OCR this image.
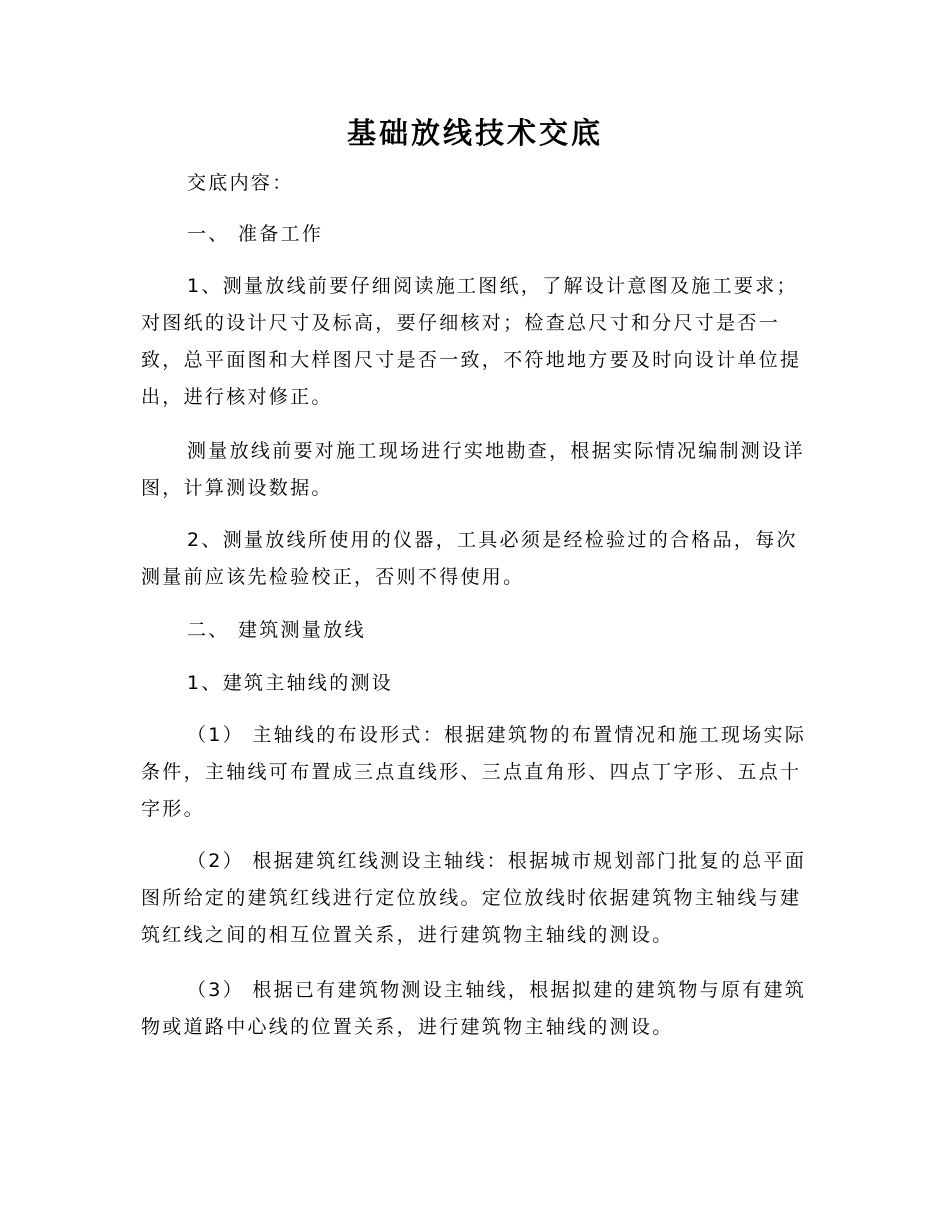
基础放线技术交底

交底内容：

一、 准备工作

1、测量放线前要仔细阅读施工图纸，了解设计意图及施工要求；对图纸的设计尺寸及标高，要仔细核对；检查总尺寸和分尺寸是否一致，总平面图和大样图尺寸是否一致，不符地地方要及时向设计单位提出，进行核对修正。

测量放线前要对施工现场进行实地勘查，根据实际情况编制测设详图，计算测设数据。

2、测量放线所使用的仪器，工具必须是经检验过的合格品，每次测量前应该先检验校正，否则不得使用。

二、 建筑测量放线

1、建筑主轴线的测设

（1） 主轴线的布设形式：根据建筑物的布置情况和施工现场实际条件，主轴线可布置成三点直线形、三点直角形、四点丁字形、五点十字形。

（2） 根据建筑红线测设主轴线：根据城市规划部门批复的总平面图所给定的建筑红线进行定位放线。定位放线时依据建筑物主轴线与建筑红线之间的相互位置关系，进行建筑物主轴线的测设。

（3） 根据已有建筑物测设主轴线，根据拟建的建筑物与原有建筑物或道路中心线的位置关系，进行建筑物主轴线的测设。
